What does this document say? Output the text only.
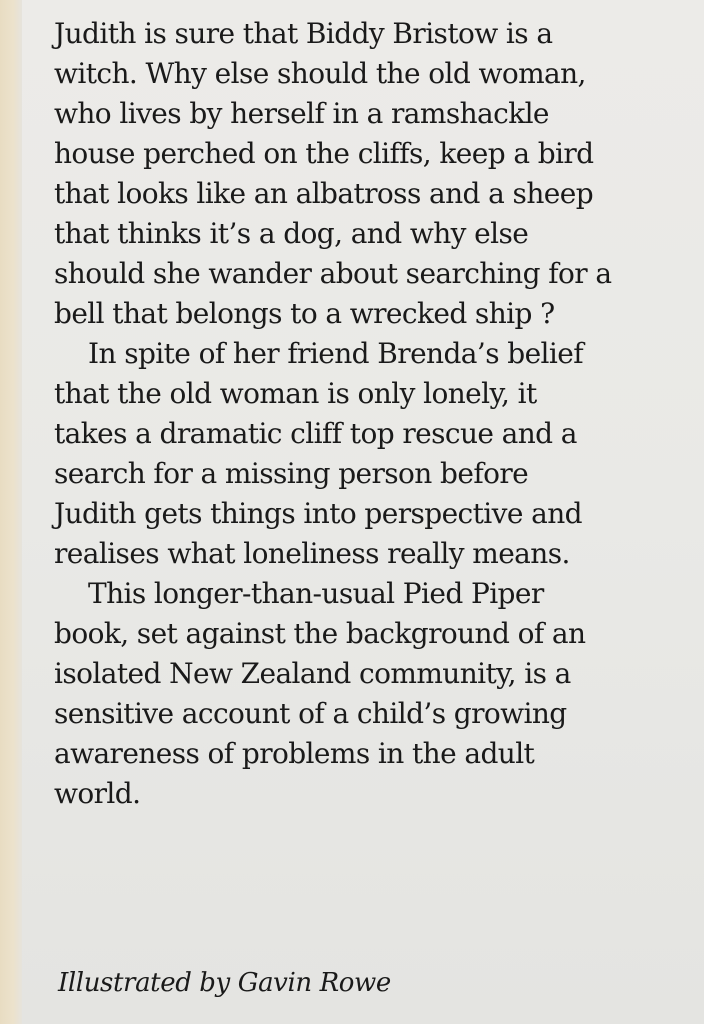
Judith is sure that Biddy Bristow is a
witch. Why else should the old woman,
who lives by herself in a ramshackle
house perched on the cliffs, keep a bird
that looks like an albatross and a sheep
that thinks it’s a dog, and why else
should she wander about searching for a
bell that belongs to a wrecked ship ?

In spite of her friend Brenda’s belief
that the old woman is only lonely, it
takes a dramatic cliff top rescue and a
search for a missing person before
Judith gets things into perspective and
realises what loneliness really means.

This longer-than-usual Pied Piper
book, set against the background of an
isolated New Zealand community, is a
sensitive account of a child’s growing
awareness of problems in the adult
world.

Illustrated by Gavin Rowe
